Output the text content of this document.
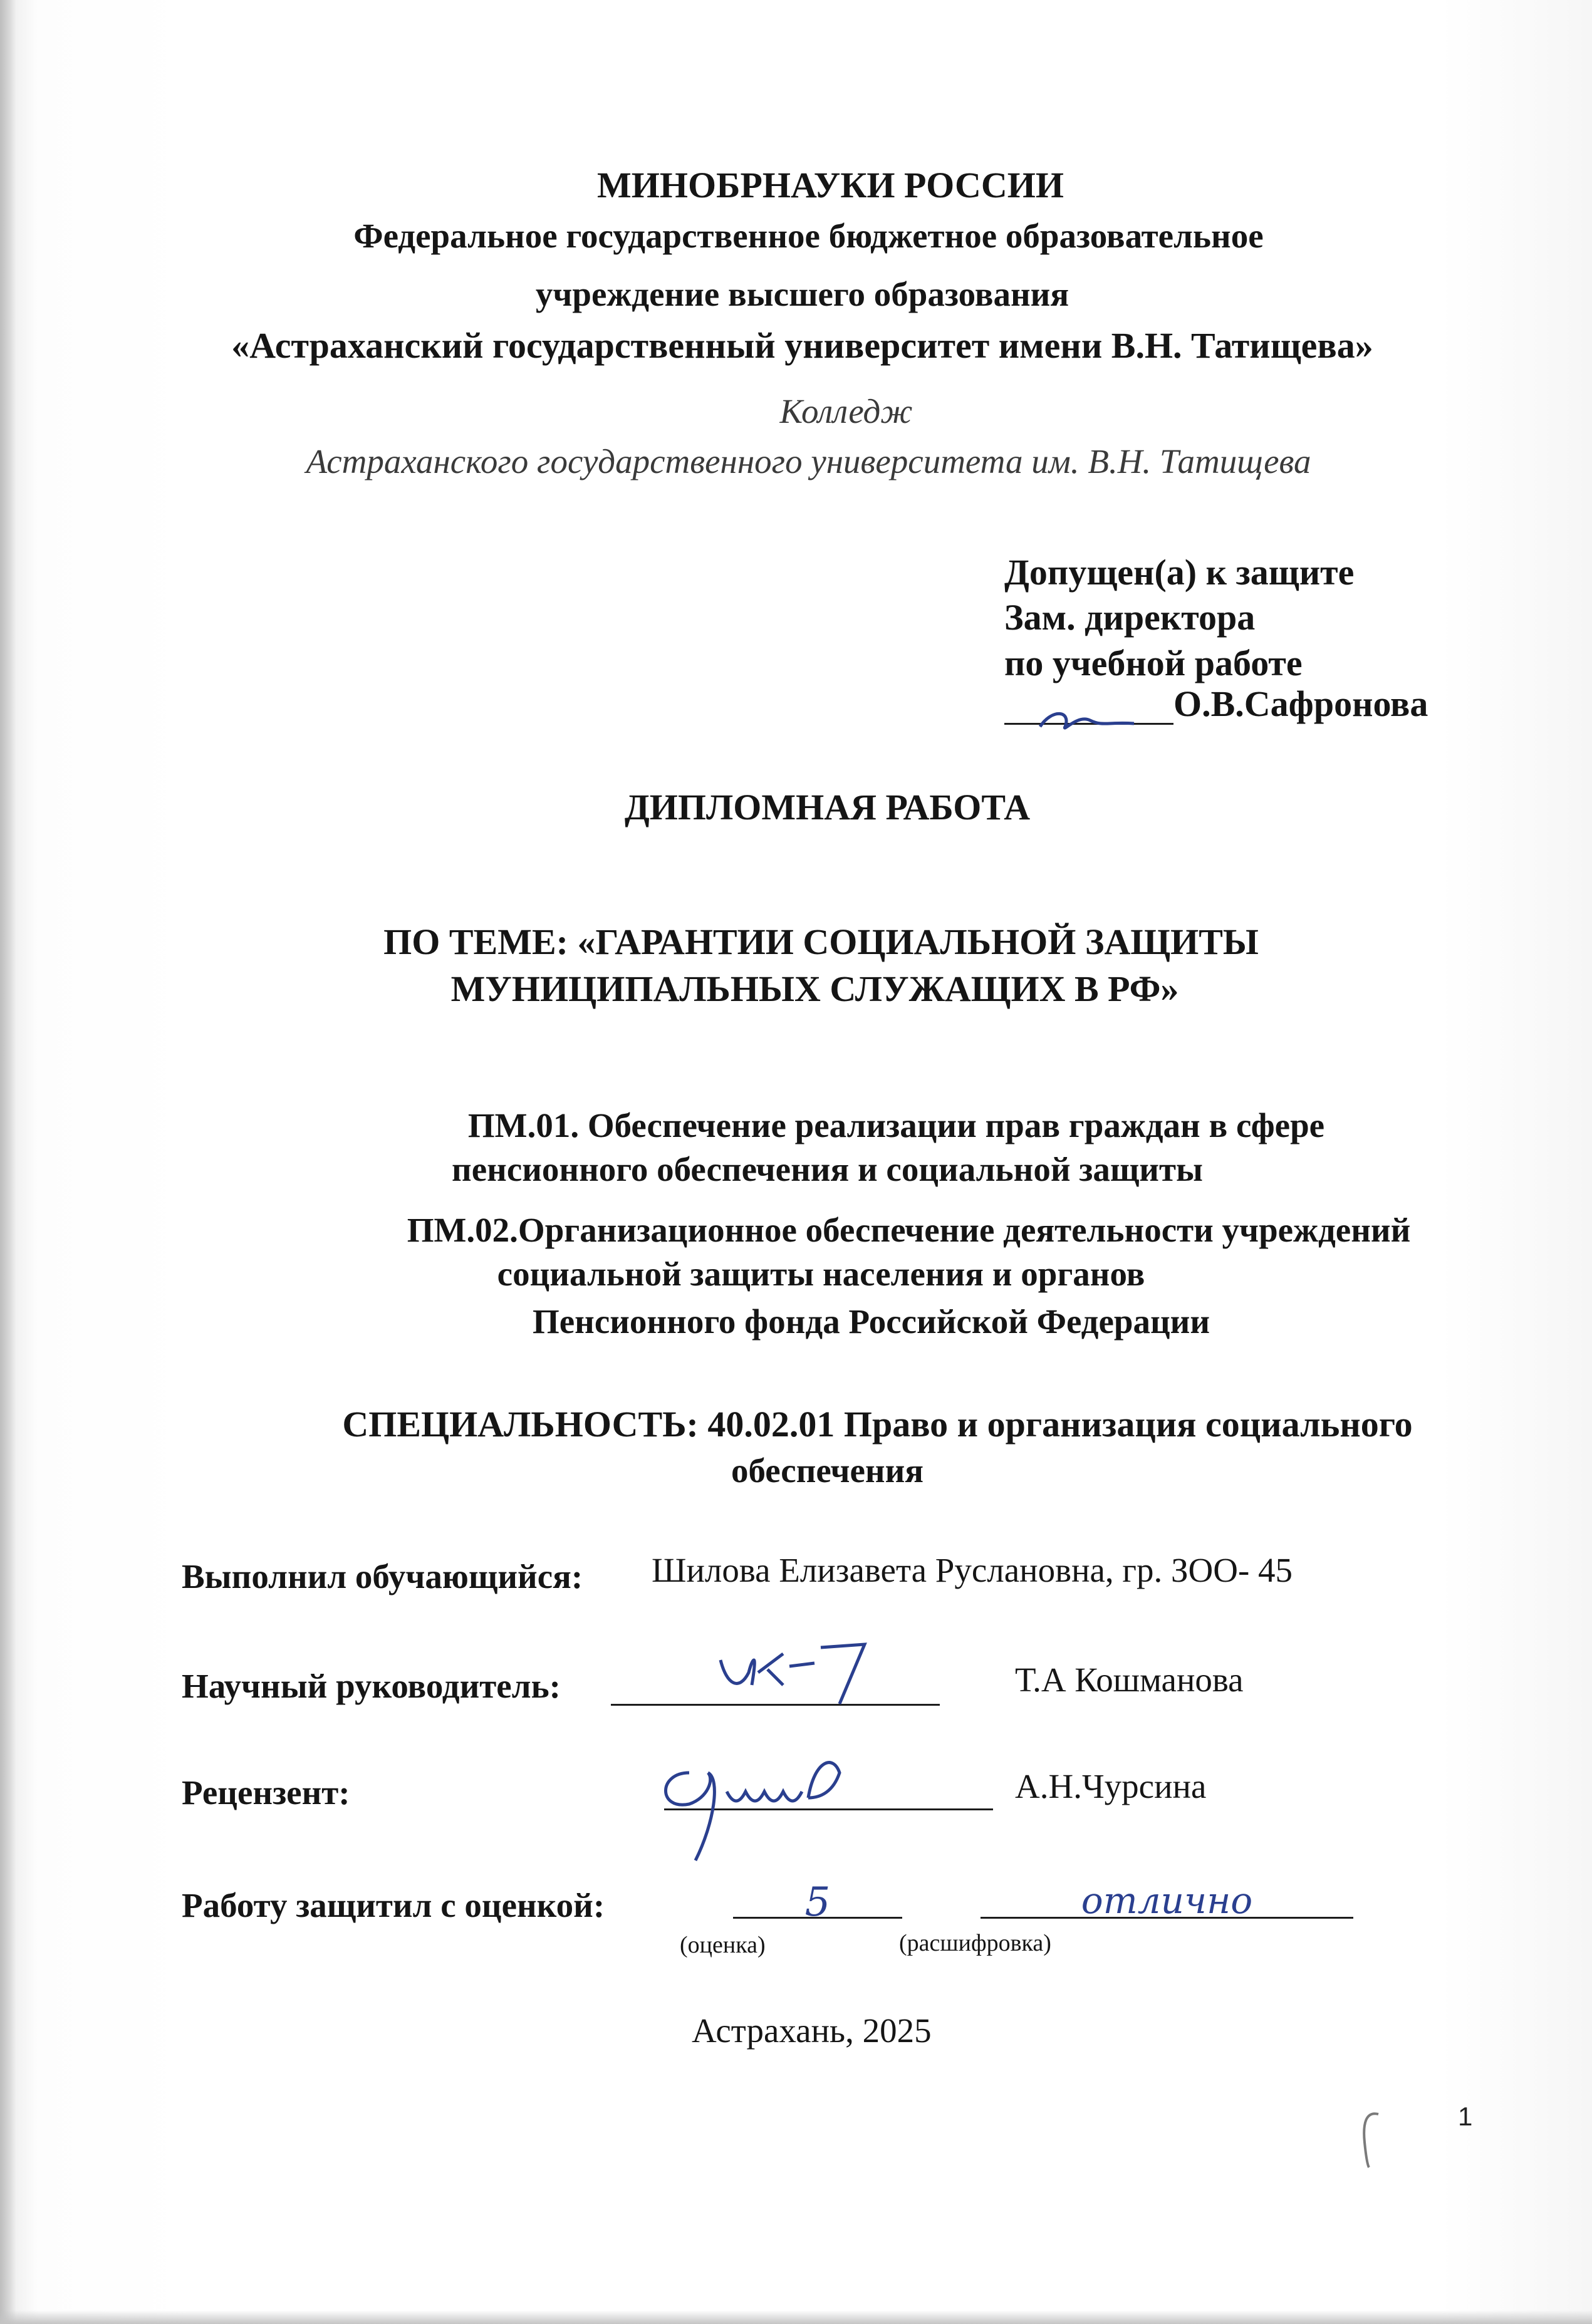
МИНОБРНАУКИ РОССИИ
Федеральное государственное бюджетное образовательное
учреждение высшего образования
«Астраханский государственный университет имени В.Н. Татищева»
Колледж
Астраханского государственного университета им. В.Н. Татищева
Допущен(а) к защите
Зам. директора
по учебной работе
О.В.Сафронова
ДИПЛОМНАЯ РАБОТА
ПО ТЕМЕ: «ГАРАНТИИ СОЦИАЛЬНОЙ ЗАЩИТЫ
МУНИЦИПАЛЬНЫХ СЛУЖАЩИХ В РФ»
ПМ.01. Обеспечение реализации прав граждан в сфере
пенсионного обеспечения и социальной защиты
ПМ.02.Организационное обеспечение деятельности учреждений
социальной защиты населения и органов
Пенсионного фонда Российской Федерации
СПЕЦИАЛЬНОСТЬ: 40.02.01 Право и организация социального
обеспечения
Выполнил обучающийся: Шилова Елизавета Руслановна, гр. ЗОО- 45
Научный руководитель:	Т.А Кошманова
Рецензент:	А.Н.Чурсина
Работу защитил с оценкой:	5	отлично
(оценка)	(расшифровка)
Астрахань, 2025
1
